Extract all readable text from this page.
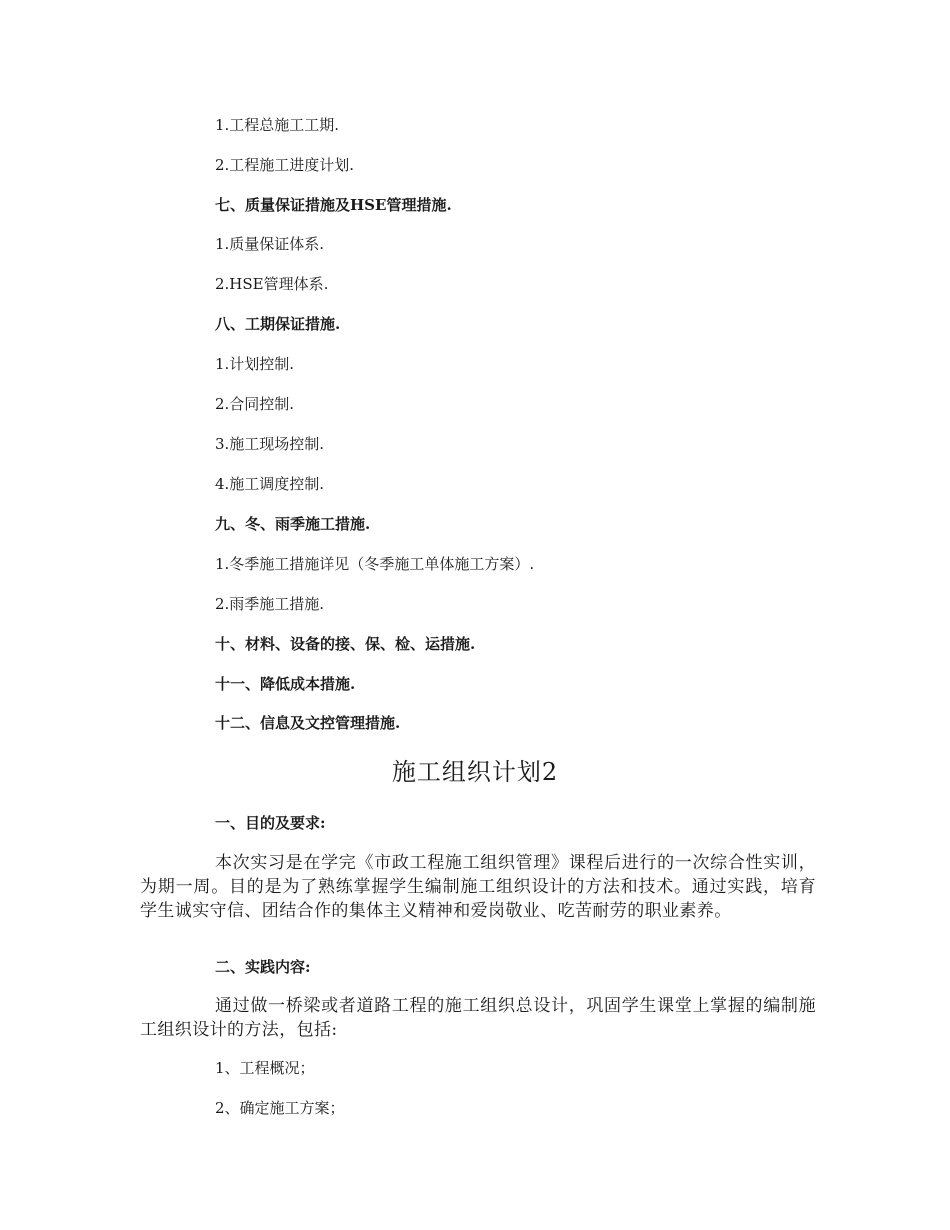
1.工程总施工工期.
2.工程施工进度计划.
七、质量保证措施及HSE管理措施.
1.质量保证体系.
2.HSE管理体系.
八、工期保证措施.
1.计划控制.
2.合同控制.
3.施工现场控制.
4.施工调度控制.
九、冬、雨季施工措施.
1.冬季施工措施详见（冬季施工单体施工方案）.
2.雨季施工措施.
十、材料、设备的接、保、检、运措施.
十一、降低成本措施.
十二、信息及文控管理措施.
施工组织计划2
一、目的及要求:
本次实习是在学完《市政工程施工组织管理》课程后进行的一次综合性实训，为期一周。目的是为了熟练掌握学生编制施工组织设计的方法和技术。通过实践，培育学生诚实守信、团结合作的集体主义精神和爱岗敬业、吃苦耐劳的职业素养。
二、实践内容:
通过做一桥梁或者道路工程的施工组织总设计，巩固学生课堂上掌握的编制施工组织设计的方法，包括:
1、工程概况；
2、确定施工方案；
